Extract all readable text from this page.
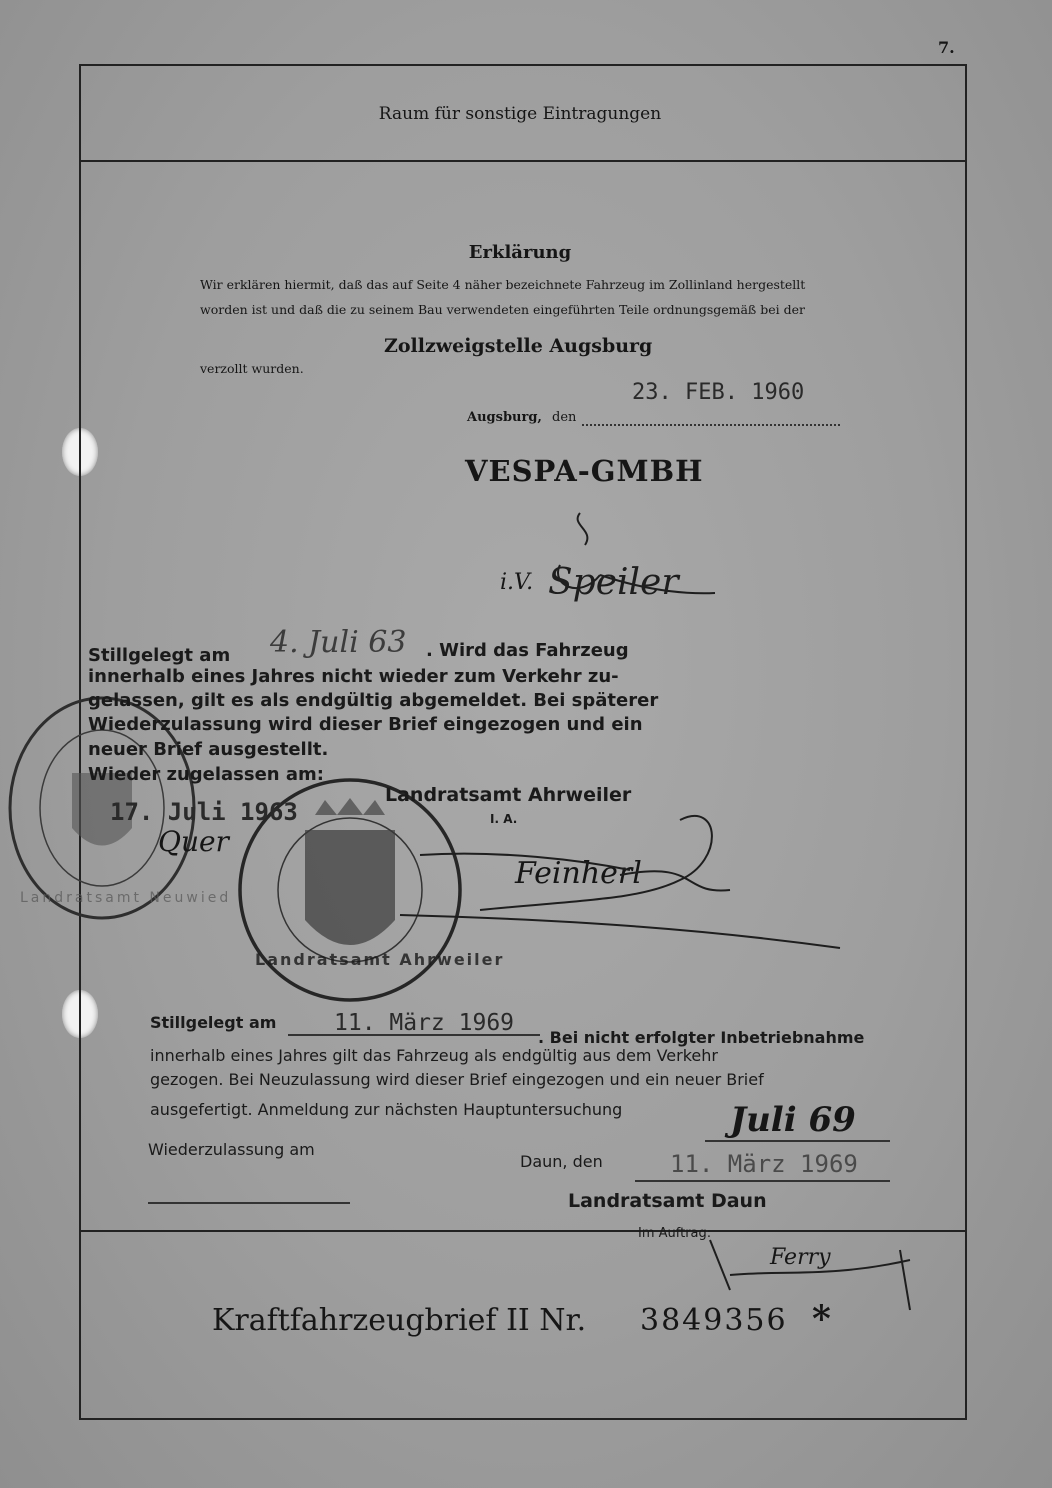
7.
Raum für sonstige Eintragungen
Erklärung
Wir erklären hiermit, daß das auf Seite 4 näher bezeichnete Fahrzeug im Zollinland hergestellt
worden ist und daß die zu seinem Bau verwendeten eingeführten Teile ordnungsgemäß bei der
Zollzweigstelle Augsburg
verzollt wurden.
23. FEB. 1960
Augsburg, den
VESPA-GMBH
i.V. Speiler
Landratsamt Neuwied
Landratsamt Ahrweiler
Stillgelegt am 4. Juli 63 . Wird das Fahrzeug
innerhalb eines Jahres nicht wieder zum Verkehr zu-
gelassen, gilt es als endgültig abgemeldet. Bei späterer
Wiederzulassung wird dieser Brief eingezogen und ein
neuer Brief ausgestellt.
Wieder zugelassen am:
17. Juli 1963
Landratsamt Ahrweiler
I. A.
Quer
Feinherl
Stillgelegt am	11. März 1969
. Bei nicht erfolgter Inbetriebnahme
innerhalb eines Jahres gilt das Fahrzeug als endgültig aus dem Verkehr
gezogen. Bei Neuzulassung wird dieser Brief eingezogen und ein neuer Brief
ausgefertigt. Anmeldung zur nächsten Hauptuntersuchung	Juli 69
Wiederzulassung am
Daun, den	11. März 1969
Landratsamt Daun
Im Auftrag:
Ferry
Kraftfahrzeugbrief II Nr. 3849356 *
